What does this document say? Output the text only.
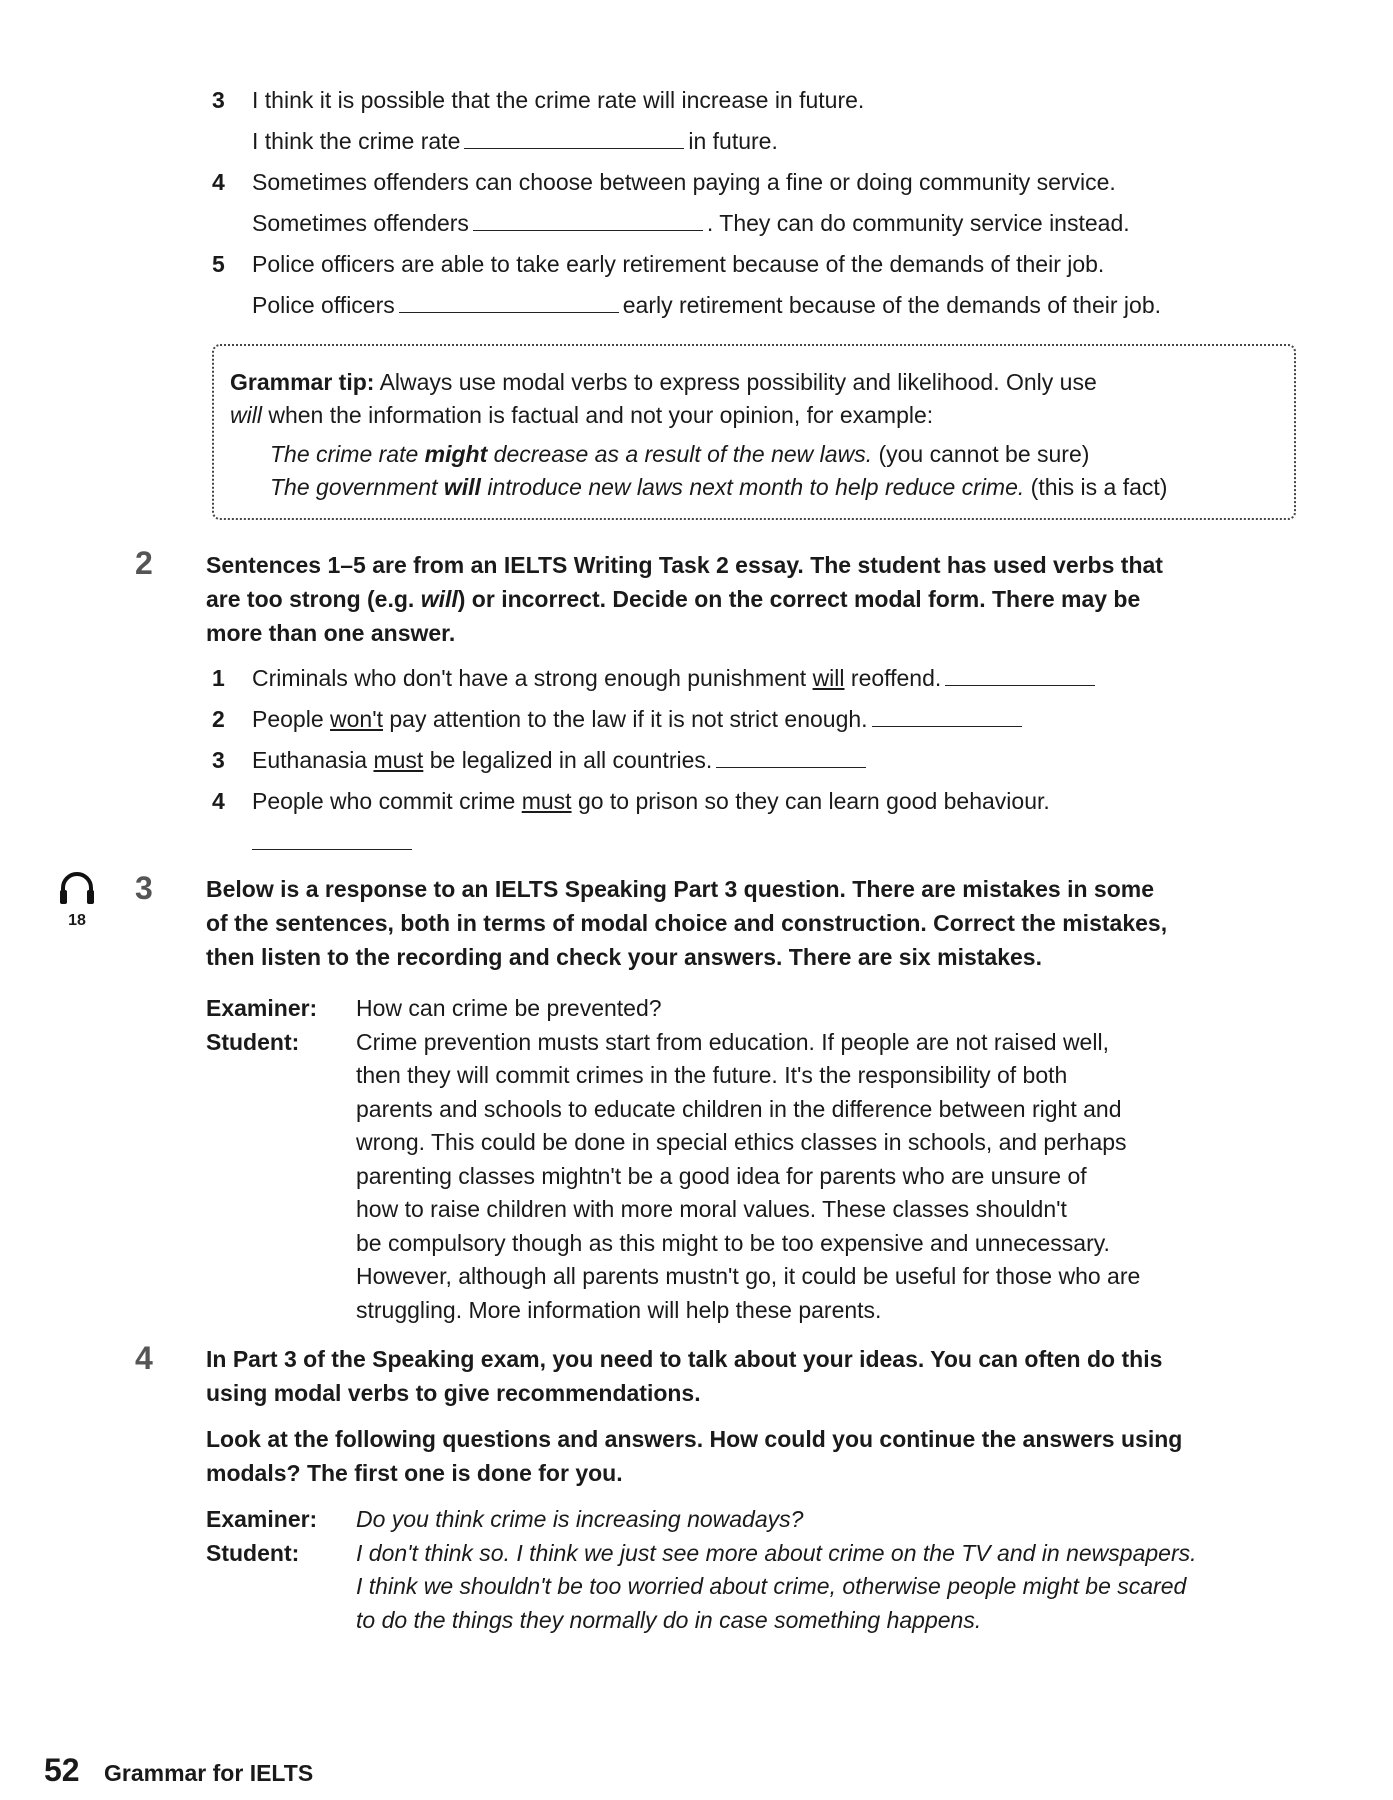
3 I think it is possible that the crime rate will increase in future.
I think the crime rate	in future.
4 Sometimes offenders can choose between paying a fine or doing community service.
Sometimes offenders	. They can do community service instead.
5 Police officers are able to take early retirement because of the demands of their job.
Police officers	early retirement because of the demands of their job.
Grammar tip: Always use modal verbs to express possibility and likelihood. Only use
will when the information is factual and not your opinion, for example:
The crime rate might decrease as a result of the new laws. (you cannot be sure)
The government will introduce new laws next month to help reduce crime. (this is a fact)
2 Sentences 1–5 are from an IELTS Writing Task 2 essay. The student has used verbs that
are too strong (e.g. will) or incorrect. Decide on the correct modal form. There may be
more than one answer.
1 Criminals who don't have a strong enough punishment will reoffend.
2 People won't pay attention to the law if it is not strict enough.
3 Euthanasia must be legalized in all countries.
4 People who commit crime must go to prison so they can learn good behaviour.
18
3 Below is a response to an IELTS Speaking Part 3 question. There are mistakes in some
of the sentences, both in terms of modal choice and construction. Correct the mistakes,
then listen to the recording and check your answers. There are six mistakes.
Examiner: How can crime be prevented?
Student: Crime prevention musts start from education. If people are not raised well,
then they will commit crimes in the future. It's the responsibility of both
parents and schools to educate children in the difference between right and
wrong. This could be done in special ethics classes in schools, and perhaps
parenting classes mightn't be a good idea for parents who are unsure of
how to raise children with more moral values. These classes shouldn't
be compulsory though as this might to be too expensive and unnecessary.
However, although all parents mustn't go, it could be useful for those who are
struggling. More information will help these parents.
4 In Part 3 of the Speaking exam, you need to talk about your ideas. You can often do this
using modal verbs to give recommendations.
Look at the following questions and answers. How could you continue the answers using
modals? The first one is done for you.
Examiner: Do you think crime is increasing nowadays?
Student: I don't think so. I think we just see more about crime on the TV and in newspapers.
I think we shouldn't be too worried about crime, otherwise people might be scared
to do the things they normally do in case something happens.
52 Grammar for IELTS
